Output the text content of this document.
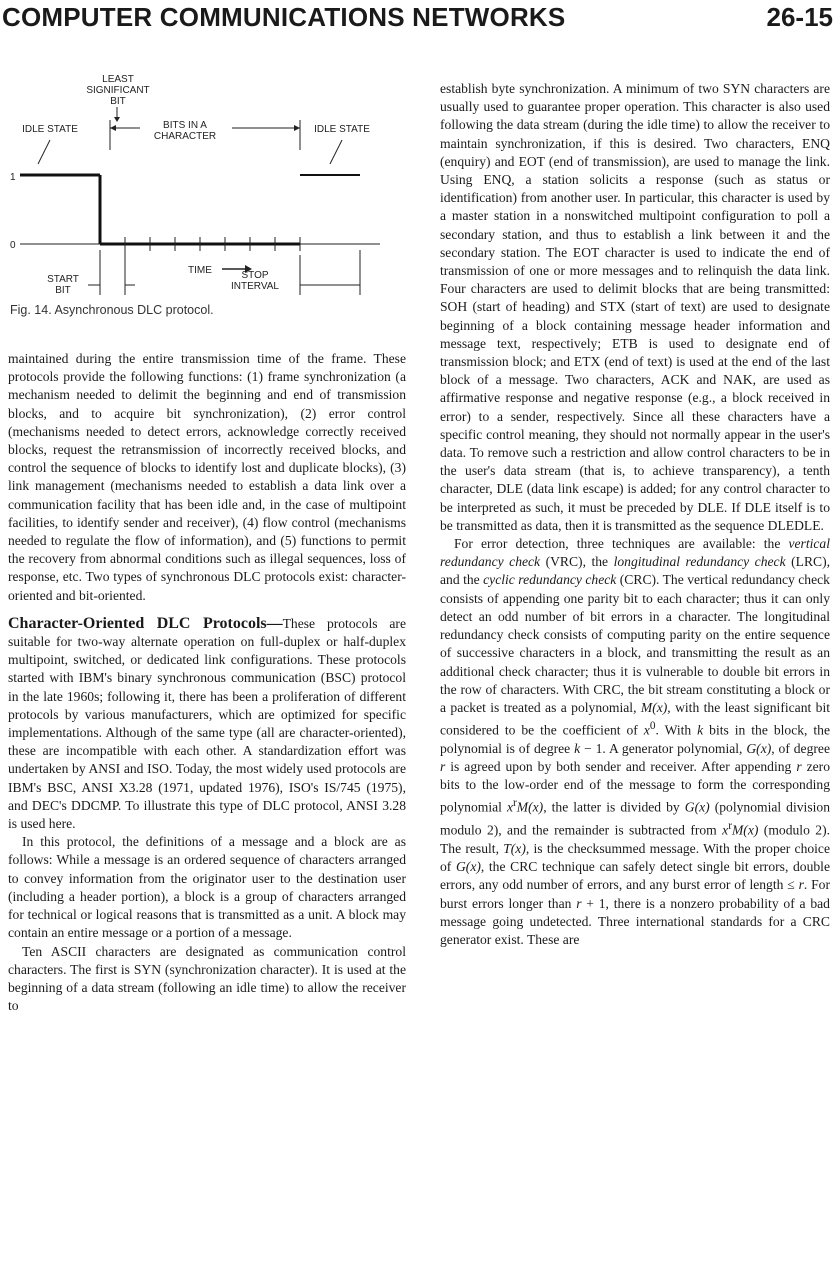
COMPUTER COMMUNICATIONS NETWORKS	26-15
LEAST
SIGNIFICANT
BIT
IDLE STATE	BITS IN A
CHARACTER
IDLE STATE
1
0
TIME
START
BIT
STOP
INTERVAL
Fig. 14. Asynchronous DLC protocol.

maintained during the entire transmission time of the frame. These protocols provide the following functions: (1) frame synchronization (a mechanism needed to delimit the beginning and end of transmission blocks, and to acquire bit synchronization), (2) error control (mechanisms needed to detect errors, acknowledge correctly received blocks, request the retransmission of incorrectly received blocks, and control the sequence of blocks to identify lost and duplicate blocks), (3) link management (mechanisms needed to establish a data link over a communication facility that has been idle and, in the case of multipoint facilities, to identify sender and receiver), (4) flow control (mechanisms needed to regulate the flow of information), and (5) functions to permit the recovery from abnormal conditions such as illegal sequences, loss of response, etc. Two types of synchronous DLC protocols exist: character-oriented and bit-oriented.

Character-Oriented DLC Protocols—These protocols are suitable for two-way alternate operation on full-duplex or half-duplex multipoint, switched, or dedicated link configurations. These protocols started with IBM's binary synchronous communication (BSC) protocol in the late 1960s; following it, there has been a proliferation of different protocols by various manufacturers, which are optimized for specific implementations. Although of the same type (all are character-oriented), these are incompatible with each other. A standardization effort was undertaken by ANSI and ISO. Today, the most widely used protocols are IBM's BSC, ANSI X3.28 (1971, updated 1976), ISO's IS/745 (1975), and DEC's DDCMP. To illustrate this type of DLC protocol, ANSI 3.28 is used here.

In this protocol, the definitions of a message and a block are as follows: While a message is an ordered sequence of characters arranged to convey information from the originator user to the destination user (including a header portion), a block is a group of characters arranged for technical or logical reasons that is transmitted as a unit. A block may contain an entire message or a portion of a message.

Ten ASCII characters are designated as communication control characters. The first is SYN (synchronization character). It is used at the beginning of a data stream (following an idle time) to allow the receiver to

establish byte synchronization. A minimum of two SYN characters are usually used to guarantee proper operation. This character is also used following the data stream (during the idle time) to allow the receiver to maintain synchronization, if this is desired. Two characters, ENQ (enquiry) and EOT (end of transmission), are used to manage the link. Using ENQ, a station solicits a response (such as status or identification) from another user. In particular, this character is used by a master station in a nonswitched multipoint configuration to poll a secondary station, and thus to establish a link between it and the secondary station. The EOT character is used to indicate the end of transmission of one or more messages and to relinquish the data link. Four characters are used to delimit blocks that are being transmitted: SOH (start of heading) and STX (start of text) are used to designate beginning of a block containing message header information and message text, respectively; ETB is used to designate end of transmission block; and ETX (end of text) is used at the end of the last block of a message. Two characters, ACK and NAK, are used as affirmative response and negative response (e.g., a block received in error) to a sender, respectively. Since all these characters have a specific control meaning, they should not normally appear in the user's data. To remove such a restriction and allow control characters to be in the user's data stream (that is, to achieve transparency), a tenth character, DLE (data link escape) is added; for any control character to be interpreted as such, it must be preceded by DLE. If DLE itself is to be transmitted as data, then it is transmitted as the sequence DLEDLE.

For error detection, three techniques are available: the vertical redundancy check (VRC), the longitudinal redundancy check (LRC), and the cyclic redundancy check (CRC). The vertical redundancy check consists of appending one parity bit to each character; thus it can only detect an odd number of bit errors in a character. The longitudinal redundancy check consists of computing parity on the entire sequence of successive characters in a block, and transmitting the result as an additional check character; thus it is vulnerable to double bit errors in the row of characters. With CRC, the bit stream constituting a block or a packet is treated as a polynomial, M(x), with the least significant bit considered to be the coefficient of $x^0$. With k bits in the block, the polynomial is of degree k − 1. A generator polynomial, G(x), of degree r is agreed upon by both sender and receiver. After appending r zero bits to the low-order end of the message to form the corresponding polynomial $x^rM(x)$, the latter is divided by G(x) (polynomial division modulo 2), and the remainder is subtracted from $x^rM(x)$ (modulo 2). The result, T(x), is the checksummed message. With the proper choice of G(x), the CRC technique can safely detect single bit errors, double errors, any odd number of errors, and any burst error of length ≤ r. For burst errors longer than r + 1, there is a nonzero probability of a bad message going undetected. Three international standards for a CRC generator exist. These are
